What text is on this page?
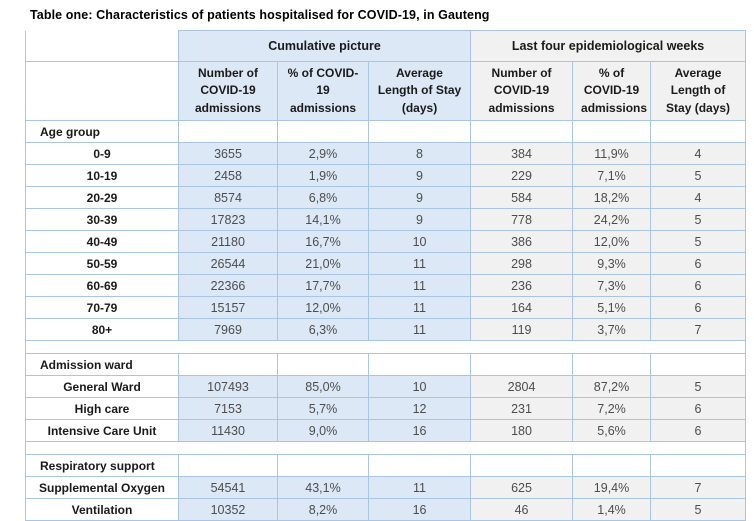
Table one: Characteristics of patients hospitalised for COVID-19, in Gauteng
	Cumulative picture			Last four epidemiological weeks		
	Number of COVID-19 admissions	% of COVID-19 admissions	Average Length of Stay (days)	Number of COVID-19 admissions	% of COVID-19 admissions	Average Length of Stay (days)
Age group						
0-9	3655	2,9%	8	384	11,9%	4
10-19	2458	1,9%	9	229	7,1%	5
20-29	8574	6,8%	9	584	18,2%	4
30-39	17823	14,1%	9	778	24,2%	5
40-49	21180	16,7%	10	386	12,0%	5
50-59	26544	21,0%	11	298	9,3%	6
60-69	22366	17,7%	11	236	7,3%	6
70-79	15157	12,0%	11	164	5,1%	6
80+	7969	6,3%	11	119	3,7%	7

Admission ward						
General Ward	107493	85,0%	10	2804	87,2%	5
High care	7153	5,7%	12	231	7,2%	6
Intensive Care Unit	11430	9,0%	16	180	5,6%	6

Respiratory support						
Supplemental Oxygen	54541	43,1%	11	625	19,4%	7
Ventilation	10352	8,2%	16	46	1,4%	5
